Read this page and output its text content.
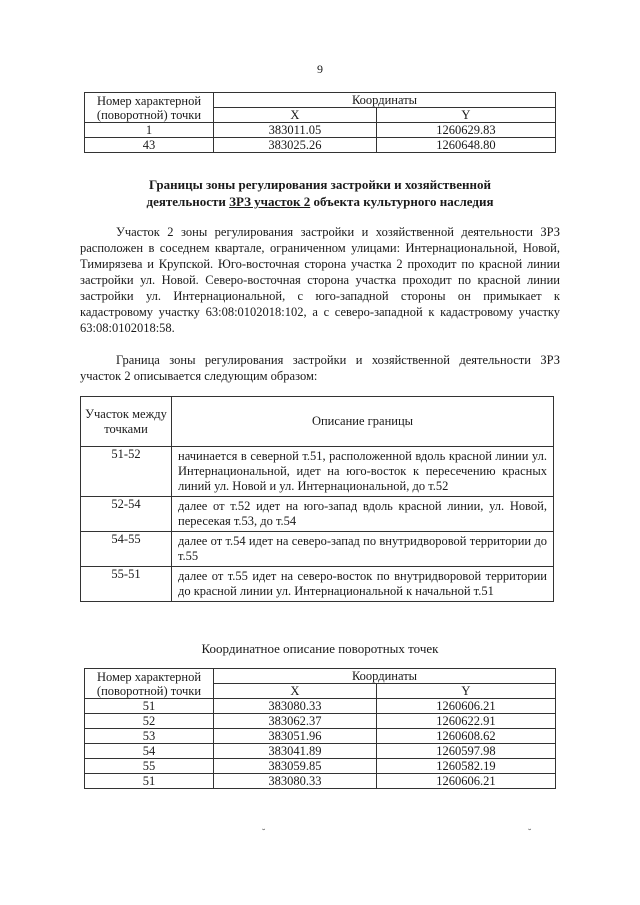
9
Номер характерной (поворотной) точки	Координаты	
	X	Y
1	383011.05	1260629.83
43	383025.26	1260648.80
Границы зоны регулирования застройки и хозяйственной
деятельности ЗРЗ участок 2 объекта культурного наследия

Участок 2 зоны регулирования застройки и хозяйственной деятельности ЗРЗ расположен в соседнем квартале, ограниченном улицами: Интернациональной, Новой, Тимирязева и Крупской. Юго-восточная сторона участка 2 проходит по красной линии застройки ул. Новой. Северо-восточная сторона участка проходит по красной линии застройки ул. Интернациональной, с юго-западной стороны он примыкает к кадастровому участку 63:08:0102018:102, а с северо-западной к кадастровому участку 63:08:0102018:58.

Граница зоны регулирования застройки и хозяйственной деятельности ЗРЗ участок 2 описывается следующим образом:

Участок между точками	Описание границы
51-52	начинается в северной т.51, расположенной вдоль красной линии ул. Интернациональной, идет на юго-восток к пересечению красных линий ул. Новой и ул. Интернациональной, до т.52
52-54	далее от т.52 идет на юго-запад вдоль красной линии, ул. Новой, пересекая т.53, до т.54
54-55	далее от т.54 идет на северо-запад по внутридворовой территории до т.55
55-51	далее от т.55 идет на северо-восток по внутридворовой территории до красной линии ул. Интернациональной к начальной т.51
Координатное описание поворотных точек
Номер характерной (поворотной) точки	Координаты	
	X	Y
51	383080.33	1260606.21
52	383062.37	1260622.91
53	383051.96	1260608.62
54	383041.89	1260597.98
55	383059.85	1260582.19
51	383080.33	1260606.21
˘	˘
